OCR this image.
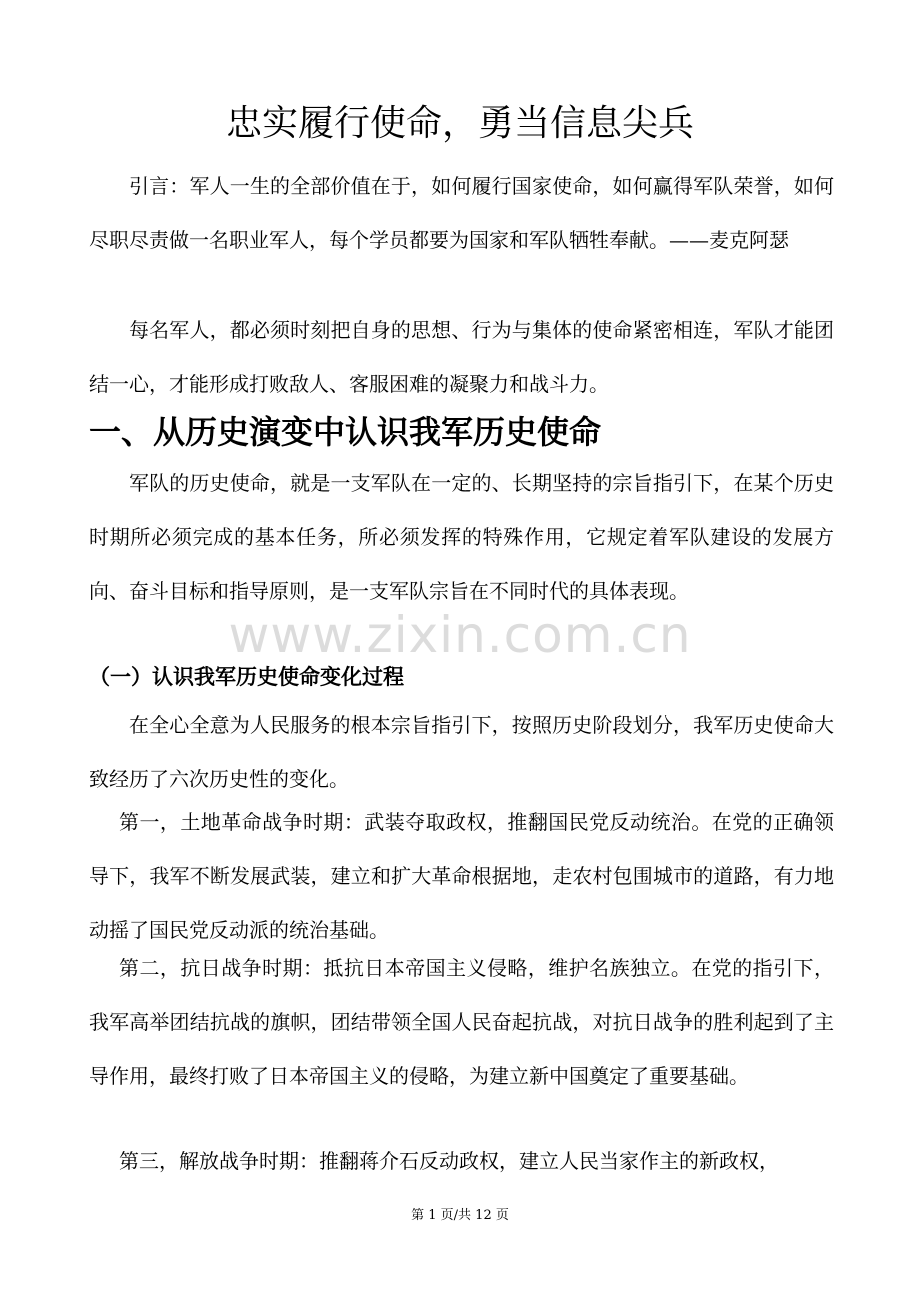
忠实履行使命，勇当信息尖兵

引言：军人一生的全部价值在于，如何履行国家使命，如何赢得军队荣誉，如何尽职尽责做一名职业军人，每个学员都要为国家和军队牺牲奉献。——麦克阿瑟

每名军人，都必须时刻把自身的思想、行为与集体的使命紧密相连，军队才能团结一心，才能形成打败敌人、客服困难的凝聚力和战斗力。

一、从历史演变中认识我军历史使命

军队的历史使命，就是一支军队在一定的、长期坚持的宗旨指引下，在某个历史时期所必须完成的基本任务，所必须发挥的特殊作用，它规定着军队建设的发展方向、奋斗目标和指导原则，是一支军队宗旨在不同时代的具体表现。

www.zixin.com.cn
（一）认识我军历史使命变化过程

在全心全意为人民服务的根本宗旨指引下，按照历史阶段划分，我军历史使命大致经历了六次历史性的变化。

第一，土地革命战争时期：武装夺取政权，推翻国民党反动统治。在党的正确领导下，我军不断发展武装，建立和扩大革命根据地，走农村包围城市的道路，有力地动摇了国民党反动派的统治基础。

第二，抗日战争时期：抵抗日本帝国主义侵略，维护名族独立。在党的指引下，我军高举团结抗战的旗帜，团结带领全国人民奋起抗战，对抗日战争的胜利起到了主导作用，最终打败了日本帝国主义的侵略，为建立新中国奠定了重要基础。

第三，解放战争时期：推翻蒋介石反动政权，建立人民当家作主的新政权，

第 1 页/共 12 页
